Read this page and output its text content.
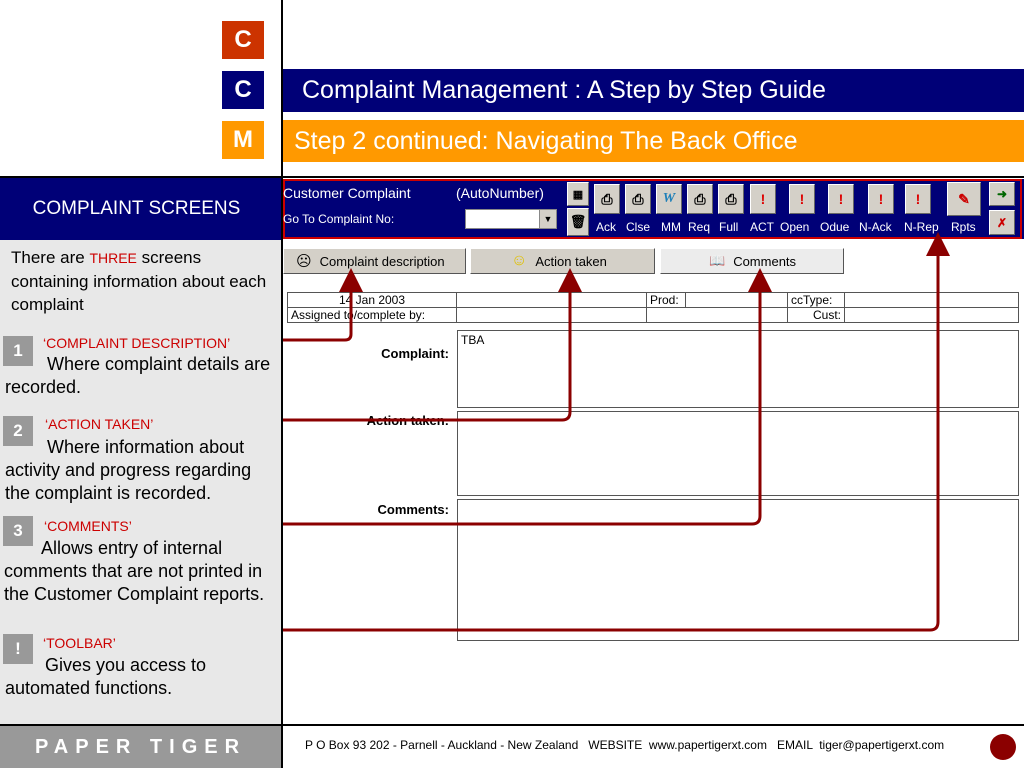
C
C
M
Complaint Management : A Step by Step Guide
Step 2 continued: Navigating The Back Office
COMPLAINT SCREENS
There are THREE screens containing information about each complaint
1	‘COMPLAINT DESCRIPTION’
Where complaint details are recorded.
2	‘ACTION TAKEN’
Where information about activity and progress regarding the complaint is recorded.
3	‘COMMENTS’
Allows entry of internal comments that are not printed in the Customer Complaint reports.
!	‘TOOLBAR’
Gives you access to automated functions.
Customer Complaint	(AutoNumber)
Go To Complaint No:	▼
▦
🗑
⎙ ⎙ W ⎙ ⎙ ! ! !	! !	✎ ➜
✗
Ack Clse MM Req Full ACT Open Odue N-Ack N-Rep Rpts
☹ Complaint description	☺ Action taken	📖 Comments
14 Jan 2003		Prod:		ccType:	
Assigned to/complete by:				Cust:	
Complaint:
TBA
Action taken:
Comments:
PAPER TIGER	P O Box 93 202 - Parnell - Auckland - New Zealand   WEBSITE  www.papertigerxt.com   EMAIL  tiger@papertigerxt.com
